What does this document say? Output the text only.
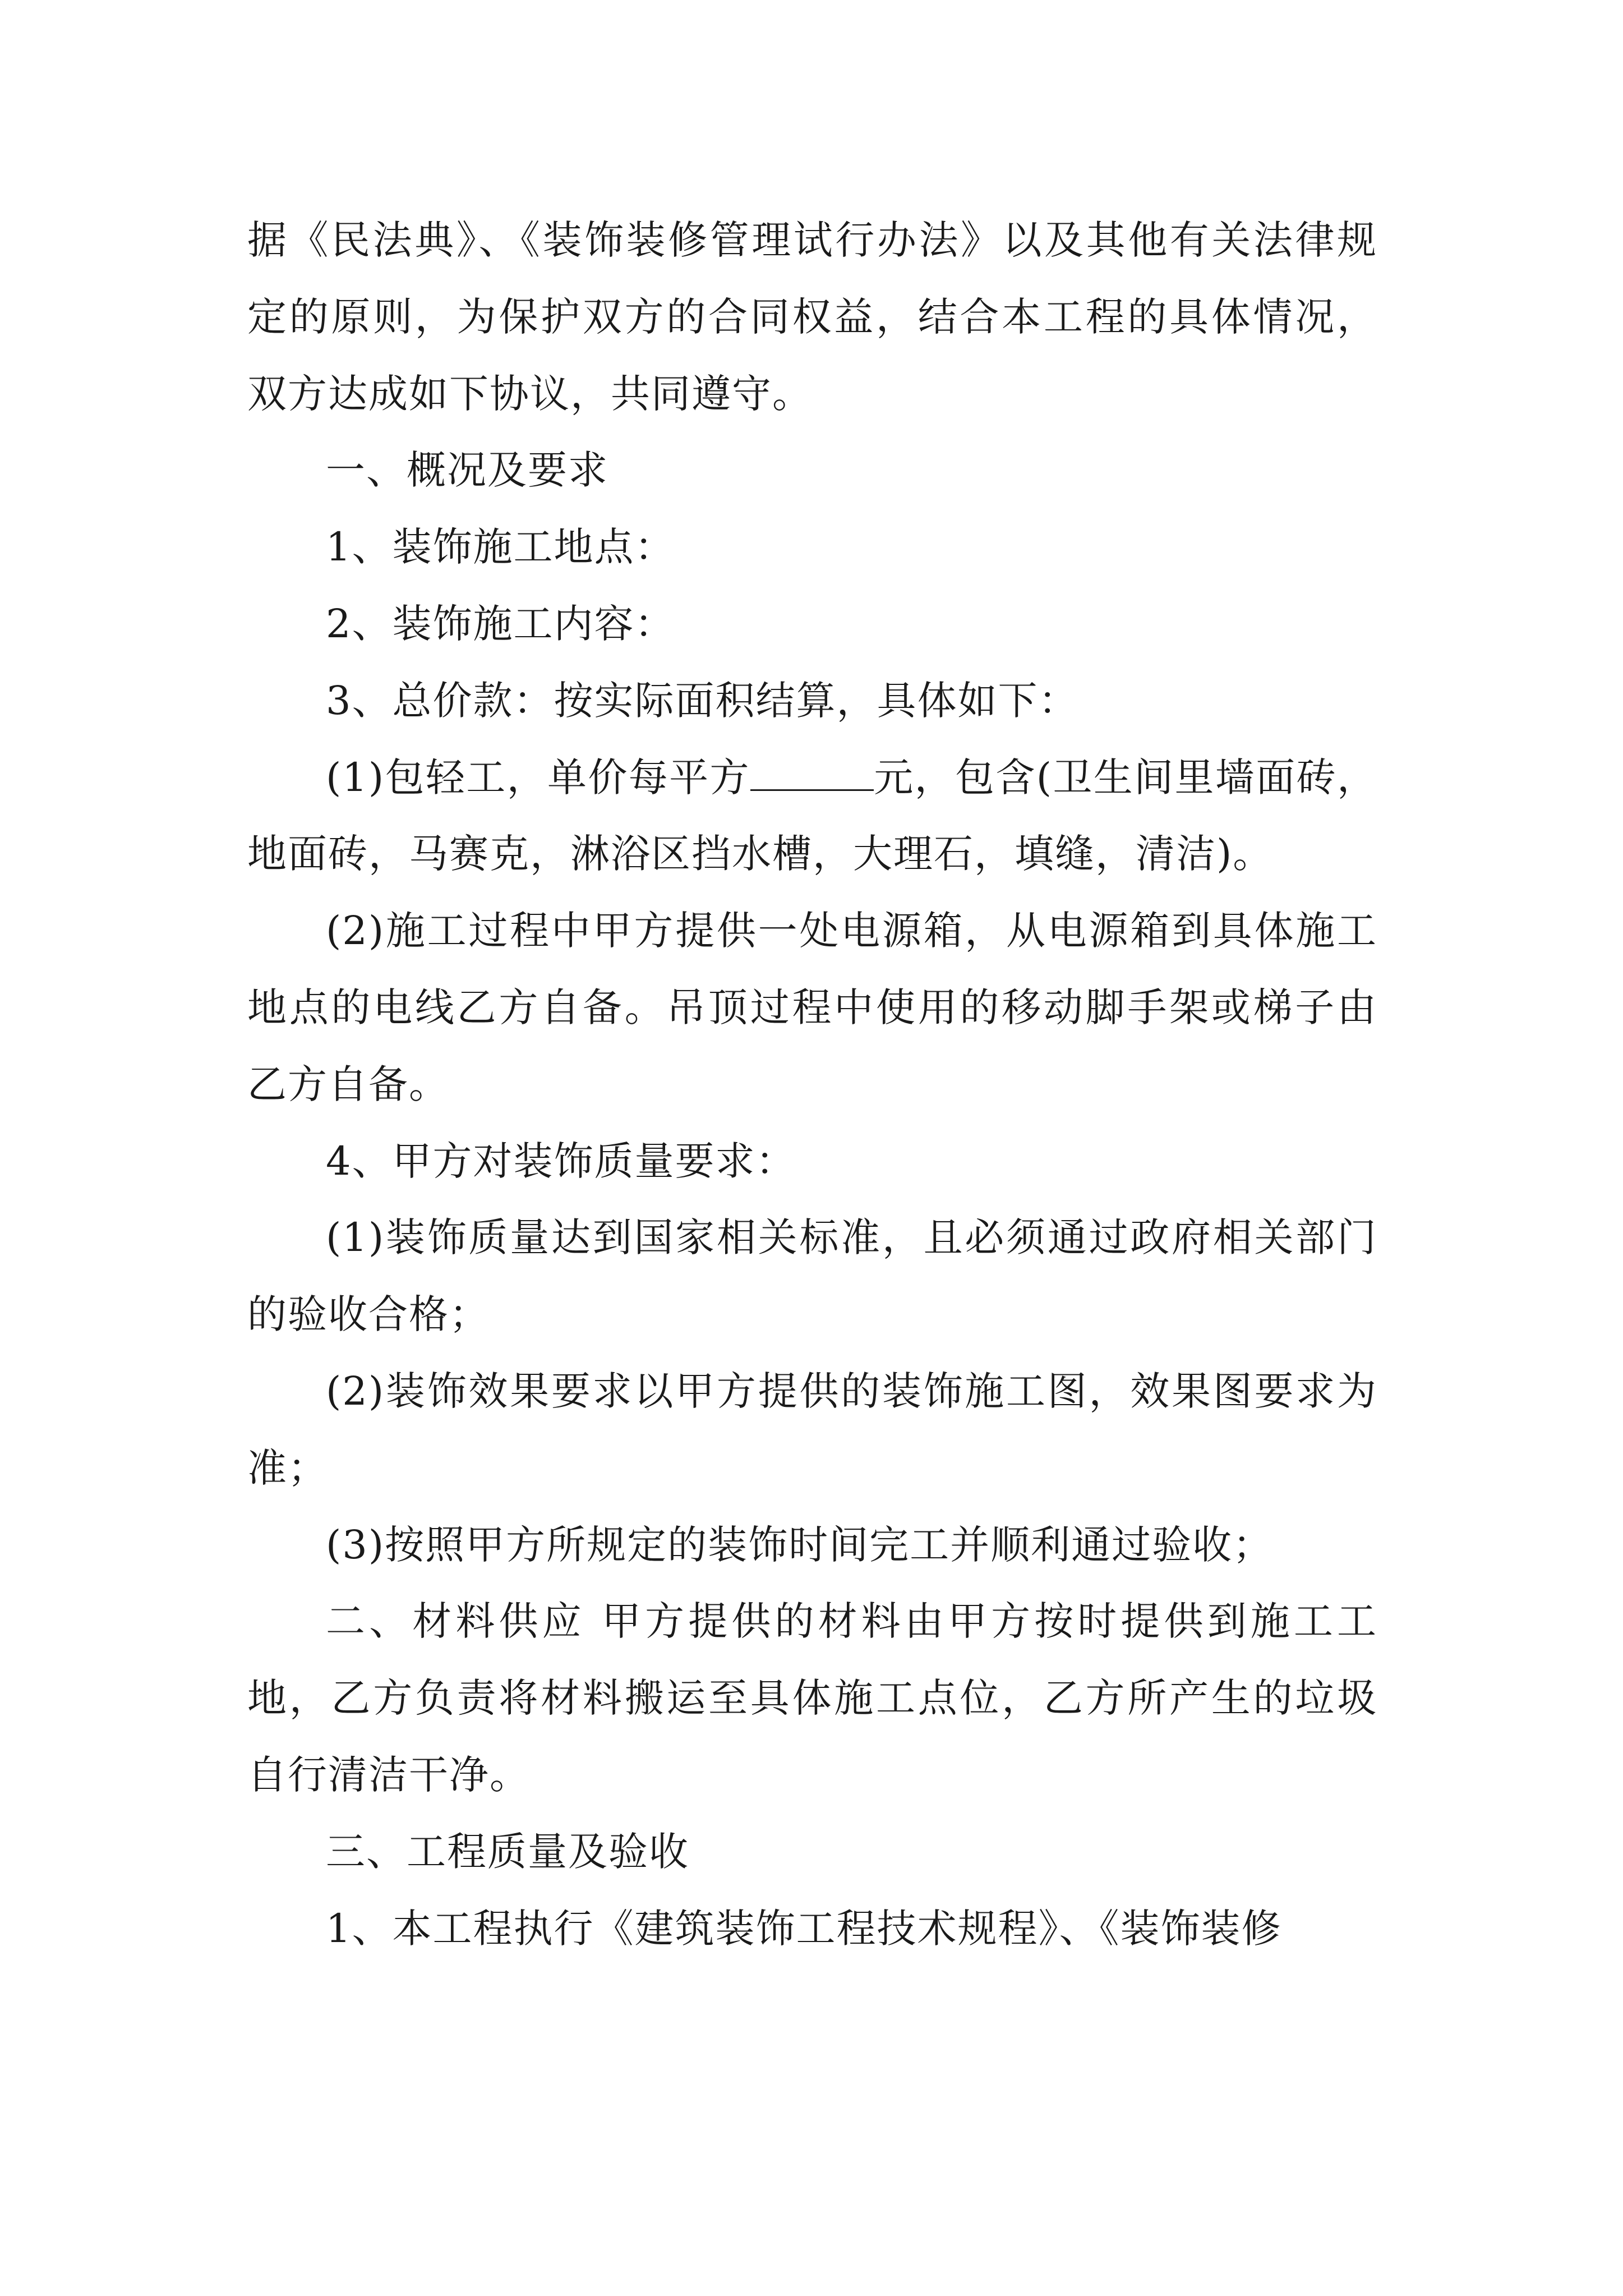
据《民法典》、《装饰装修管理试行办法》以及其他有关法律规定的原则，为保护双方的合同权益，结合本工程的具体情况，双方达成如下协议，共同遵守。

一、概况及要求

1、装饰施工地点：

2、装饰施工内容：

3、总价款：按实际面积结算，具体如下：

(1)包轻工，单价每平方	元，包含(卫生间里墙面砖，地面砖，马赛克，淋浴区挡水槽，大理石，填缝，清洁)。

(2)施工过程中甲方提供一处电源箱，从电源箱到具体施工地点的电线乙方自备。吊顶过程中使用的移动脚手架或梯子由乙方自备。

4、甲方对装饰质量要求：

(1)装饰质量达到国家相关标准，且必须通过政府相关部门的验收合格；

(2)装饰效果要求以甲方提供的装饰施工图，效果图要求为准；

(3)按照甲方所规定的装饰时间完工并顺利通过验收；

二、材料供应 甲方提供的材料由甲方按时提供到施工工地，乙方负责将材料搬运至具体施工点位，乙方所产生的垃圾自行清洁干净。

三、工程质量及验收

1、本工程执行《建筑装饰工程技术规程》、《装饰装修
